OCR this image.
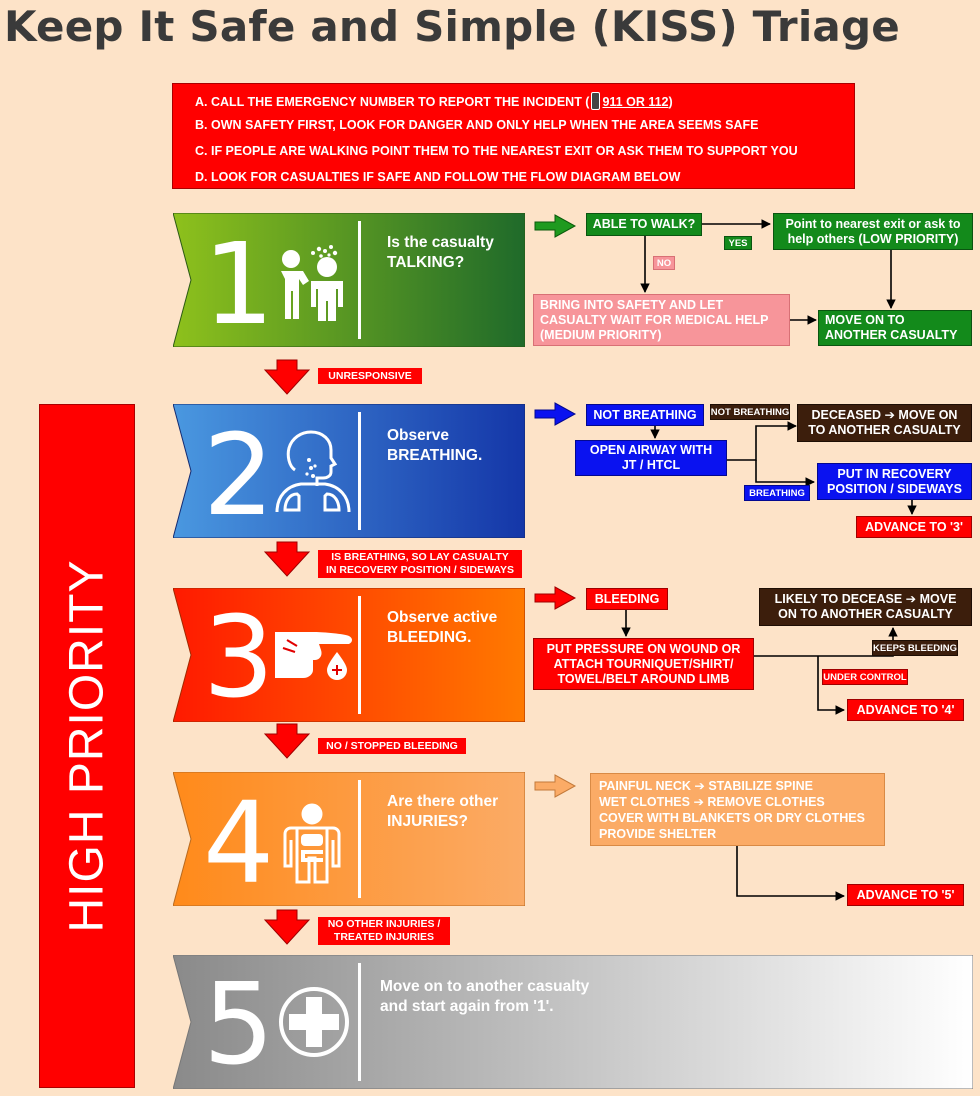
Keep It Safe and Simple (KISS) Triage
A. CALL THE EMERGENCY NUMBER TO REPORT THE INCIDENT ( 911 OR 112)
B. OWN SAFETY FIRST, LOOK FOR DANGER AND ONLY HELP WHEN THE AREA SEEMS SAFE
C. IF PEOPLE ARE WALKING POINT THEM TO THE NEAREST EXIT OR ASK THEM TO SUPPORT YOU
D. LOOK FOR CASUALTIES IF SAFE AND FOLLOW THE FLOW DIAGRAM BELOW
HIGH PRIORITY
1	Is the casualty
TALKING?
2	Observe
BREATHING.
3	Observe active
BLEEDING.
4	Are there other
INJURIES?
5	Move on to another casualty
and start again from '1'.
UNRESPONSIVE
IS BREATHING, SO LAY CASUALTY
IN RECOVERY POSITION / SIDEWAYS
NO / STOPPED BLEEDING
NO OTHER INJURIES /
TREATED INJURIES
ABLE TO WALK?
YES
NO
Point to nearest exit or ask to
help others (LOW PRIORITY)
BRING INTO SAFETY AND LET
CASUALTY WAIT FOR MEDICAL HELP
(MEDIUM PRIORITY)
MOVE ON TO
ANOTHER CASUALTY
NOT BREATHING	NOT BREATHING DECEASED ➔ MOVE ON
TO ANOTHER CASUALTY
OPEN AIRWAY WITH
JT / HTCL
BREATHING
PUT IN RECOVERY
POSITION / SIDEWAYS
ADVANCE TO '3'
BLEEDING
PUT PRESSURE ON WOUND OR
ATTACH TOURNIQUET/SHIRT/
TOWEL/BELT AROUND LIMB
LIKELY TO DECEASE ➔ MOVE
ON TO ANOTHER CASUALTY
KEEPS BLEEDING
UNDER CONTROL
ADVANCE TO '4'
PAINFUL NECK ➔ STABILIZE SPINE
WET CLOTHES ➔ REMOVE CLOTHES
COVER WITH BLANKETS OR DRY CLOTHES
PROVIDE SHELTER
ADVANCE TO '5'
